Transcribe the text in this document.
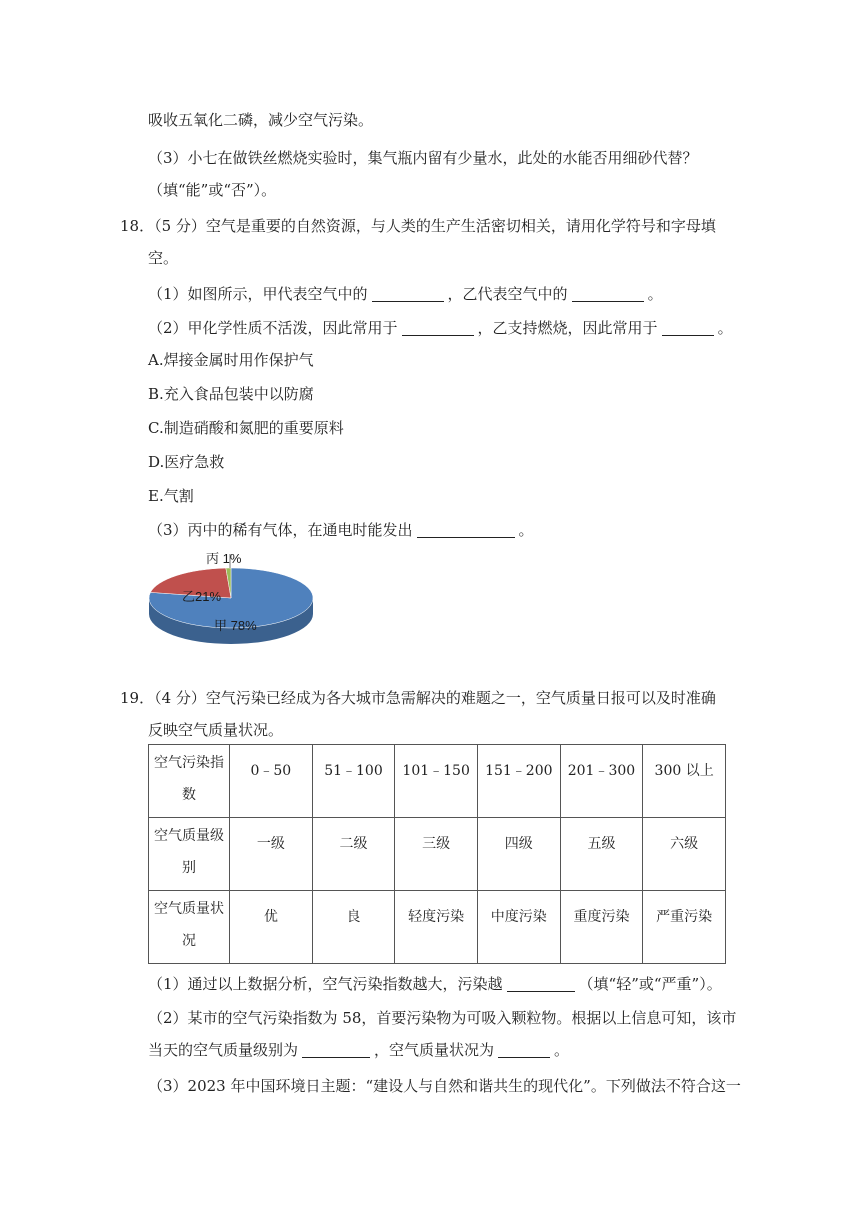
吸收五氧化二磷，减少空气污染。
（3）小七在做铁丝燃烧实验时，集气瓶内留有少量水，此处的水能否用细砂代替？
（填“能”或“否”）。
18．（5 分）空气是重要的自然资源，与人类的生产生活密切相关，请用化学符号和字母填
空。
（1）如图所示，甲代表空气中的	，乙代表空气中的	。
（2）甲化学性质不活泼，因此常用于	，乙支持燃烧，因此常用于	。
A.焊接金属时用作保护气
B.充入食品包装中以防腐
C.制造硝酸和氮肥的重要原料
D.医疗急救
E.气割
（3）丙中的稀有气体，在通电时能发出	。
甲 78%
乙21%
丙 1%
19．（4 分）空气污染已经成为各大城市急需解决的难题之一，空气质量日报可以及时准确
反映空气质量状况。
空气污染指数	0﹣50	51﹣100	101﹣150	151﹣200	201﹣300	300 以上
空气质量级别	一级	二级	三级	四级	五级	六级
空气质量状况	优	良	轻度污染	中度污染	重度污染	严重污染
（1）通过以上数据分析，空气污染指数越大，污染越	（填“轻”或“严重”）。
（2）某市的空气污染指数为 58，首要污染物为可吸入颗粒物。根据以上信息可知，该市
当天的空气质量级别为	，空气质量状况为	。
（3）2023 年中国环境日主题：“建设人与自然和谐共生的现代化”。下列做法不符合这一
